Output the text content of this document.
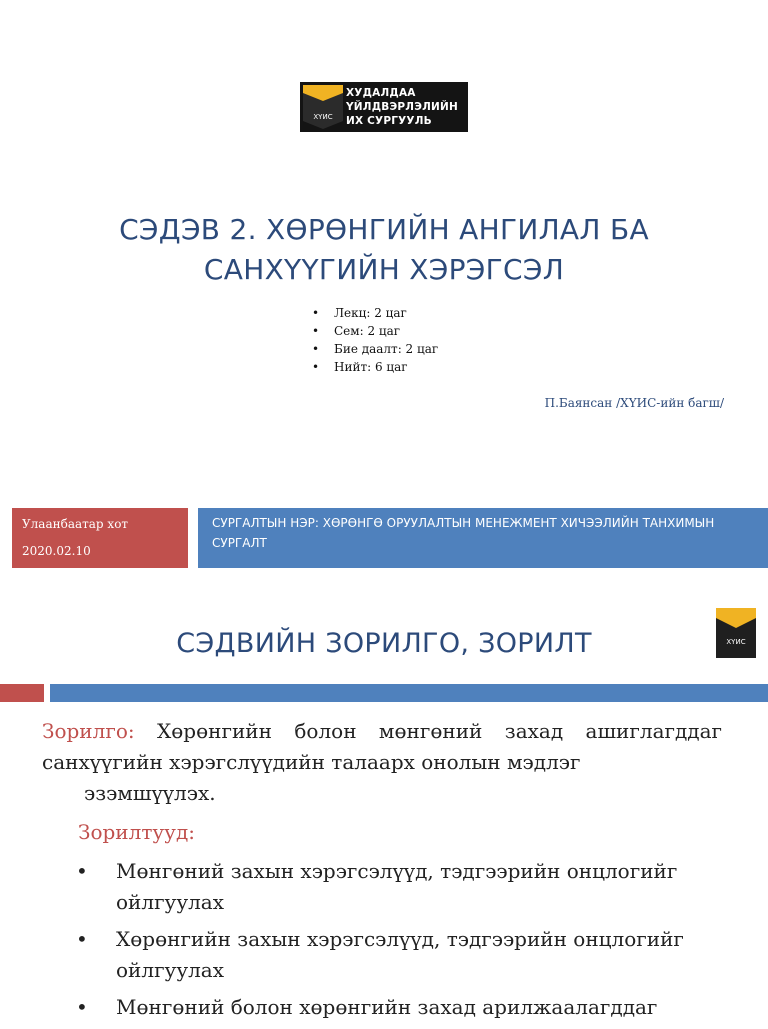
ХҮИС
ХУДАЛДАА
ҮЙЛДВЭРЛЭЛИЙН
ИХ СУРГУУЛЬ
СЭДЭВ 2. ХӨРӨНГИЙН АНГИЛАЛ БА
САНХҮҮГИЙН ХЭРЭГСЭЛ
• Лекц: 2 цаг
• Сем: 2 цаг
• Бие даалт: 2 цаг
• Нийт: 6 цаг
П.Баянсан /ХҮИС-ийн багш/
Улаанбаатар хот
2020.02.10
СУРГАЛТЫН НЭР: ХӨРӨНГӨ ОРУУЛАЛТЫН МЕНЕЖМЕНТ ХИЧЭЭЛИЙН ТАНХИМЫН СУРГАЛТ
ХҮИС
СЭДВИЙН ЗОРИЛГО, ЗОРИЛТ
Зорилго: Хөрөнгийн болон мөнгөний захад ашиглагддаг санхүүгийн хэрэгслүүдийн талаарх онолын мэдлэг
эзэмшүүлэх.
Зорилтууд:
• Мөнгөний захын хэрэгсэлүүд, тэдгээрийн онцлогийг ойлгуулах
• Хөрөнгийн захын хэрэгсэлүүд, тэдгээрийн онцлогийг ойлгуулах
• Мөнгөний болон хөрөнгийн захад арилжаалагддаг
